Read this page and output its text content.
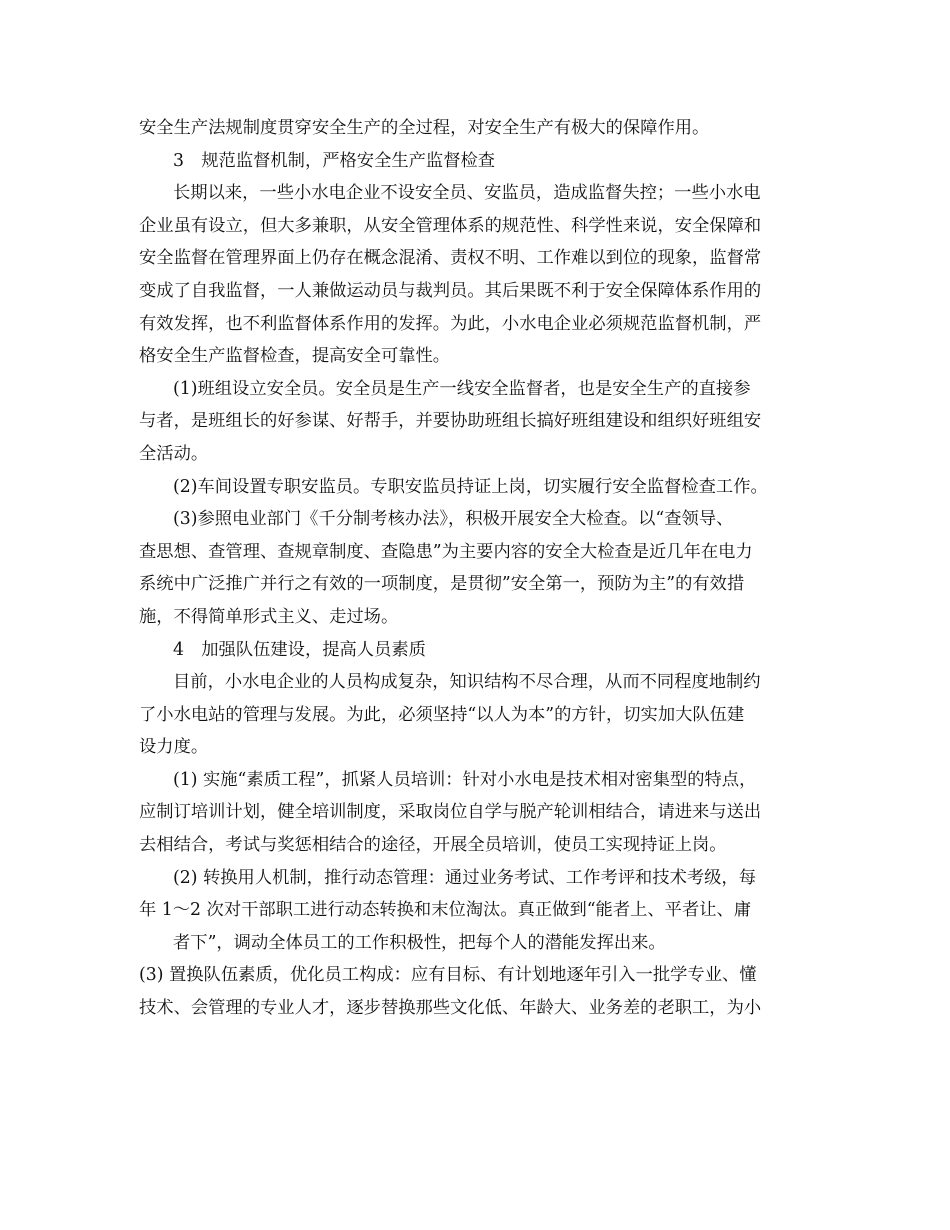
安全生产法规制度贯穿安全生产的全过程，对安全生产有极大的保障作用。
3　规范监督机制，严格安全生产监督检查
长期以来，一些小水电企业不设安全员、安监员，造成监督失控；一些小水电
企业虽有设立，但大多兼职，从安全管理体系的规范性、科学性来说，安全保障和
安全监督在管理界面上仍存在概念混淆、责权不明、工作难以到位的现象，监督常
变成了自我监督，一人兼做运动员与裁判员。其后果既不利于安全保障体系作用的
有效发挥，也不利监督体系作用的发挥。为此，小水电企业必须规范监督机制，严
格安全生产监督检查，提高安全可靠性。
(1)班组设立安全员。安全员是生产一线安全监督者，也是安全生产的直接参
与者，是班组长的好参谋、好帮手，并要协助班组长搞好班组建设和组织好班组安
全活动。
(2)车间设置专职安监员。专职安监员持证上岗，切实履行安全监督检查工作。
(3)参照电业部门《千分制考核办法》，积极开展安全大检查。以“查领导、
查思想、查管理、查规章制度、查隐患”为主要内容的安全大检查是近几年在电力
系统中广泛推广并行之有效的一项制度，是贯彻”安全第一，预防为主”的有效措
施，不得简单形式主义、走过场。
4　加强队伍建设，提高人员素质
目前，小水电企业的人员构成复杂，知识结构不尽合理，从而不同程度地制约
了小水电站的管理与发展。为此，必须坚持“以人为本”的方针，切实加大队伍建
设力度。
(1) 实施“素质工程”，抓紧人员培训：针对小水电是技术相对密集型的特点，
应制订培训计划，健全培训制度，采取岗位自学与脱产轮训相结合，请进来与送出
去相结合，考试与奖惩相结合的途径，开展全员培训，使员工实现持证上岗。
(2) 转换用人机制，推行动态管理：通过业务考试、工作考评和技术考级，每
年 1～2 次对干部职工进行动态转换和末位淘汰。真正做到“能者上、平者让、庸
者下”，调动全体员工的工作积极性，把每个人的潜能发挥出来。
(3) 置换队伍素质，优化员工构成：应有目标、有计划地逐年引入一批学专业、懂
技术、会管理的专业人才，逐步替换那些文化低、年龄大、业务差的老职工，为小
